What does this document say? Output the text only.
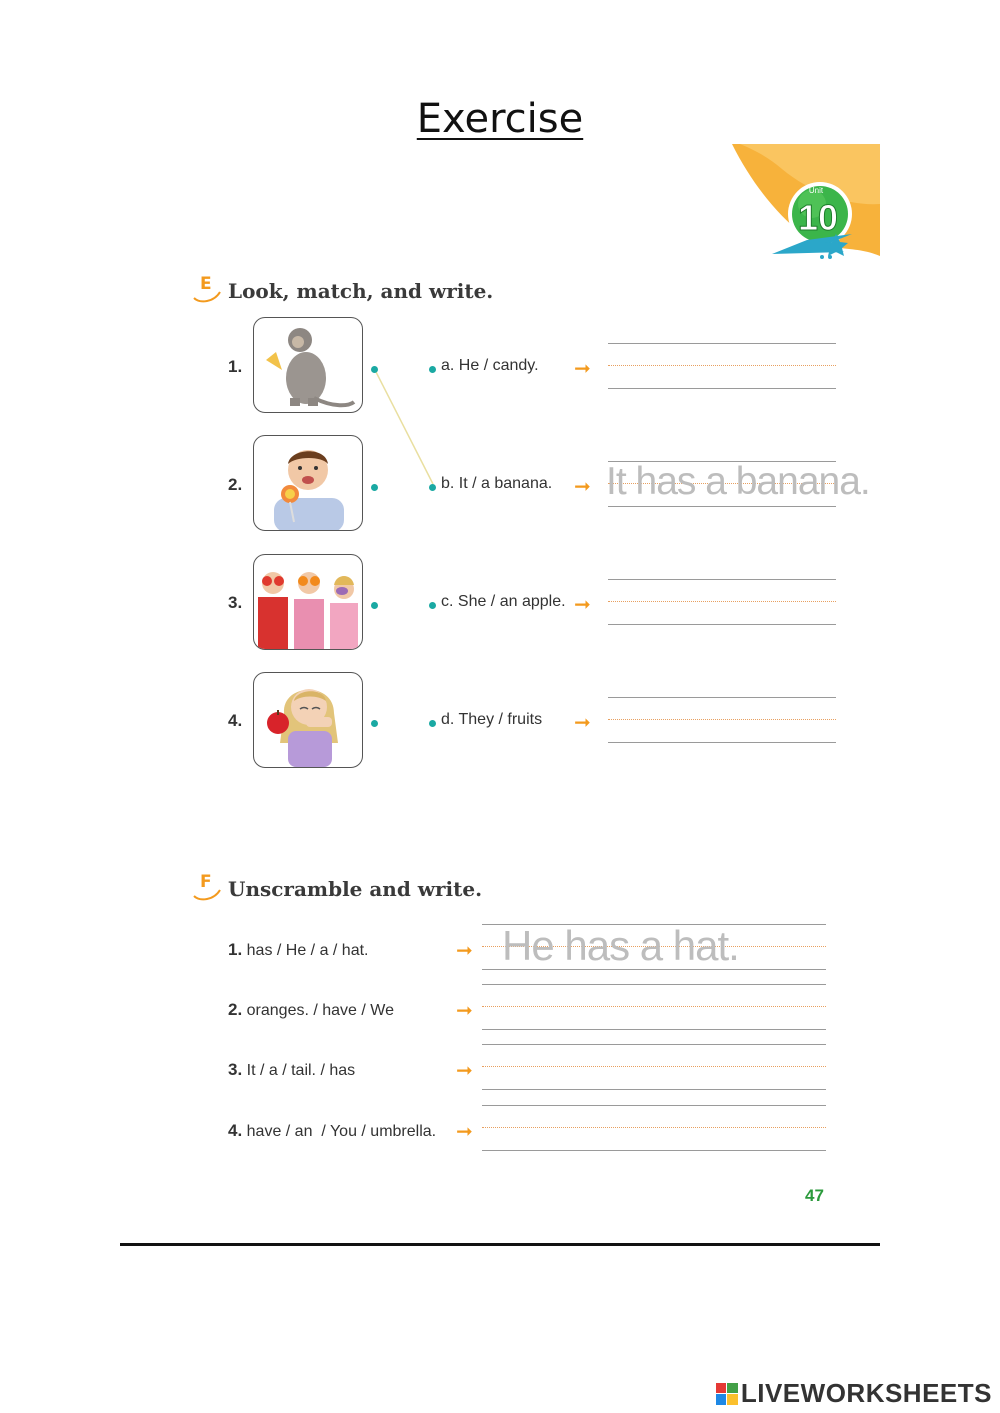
Exercise
Unit
10
E Look, match, and write.
1.	a. He / candy. ➞
2.	b. It / a banana. ➞ It has a banana.
3.	c. She / an apple. ➞
4.	d. They / fruits ➞
F Unscramble and write.
1. has / He / a / hat.	➞ He has a hat.
2. oranges. / have / We	➞
3. It / a / tail. / has	➞
4. have / an  / You / umbrella. ➞
47
LIVEWORKSHEETS
